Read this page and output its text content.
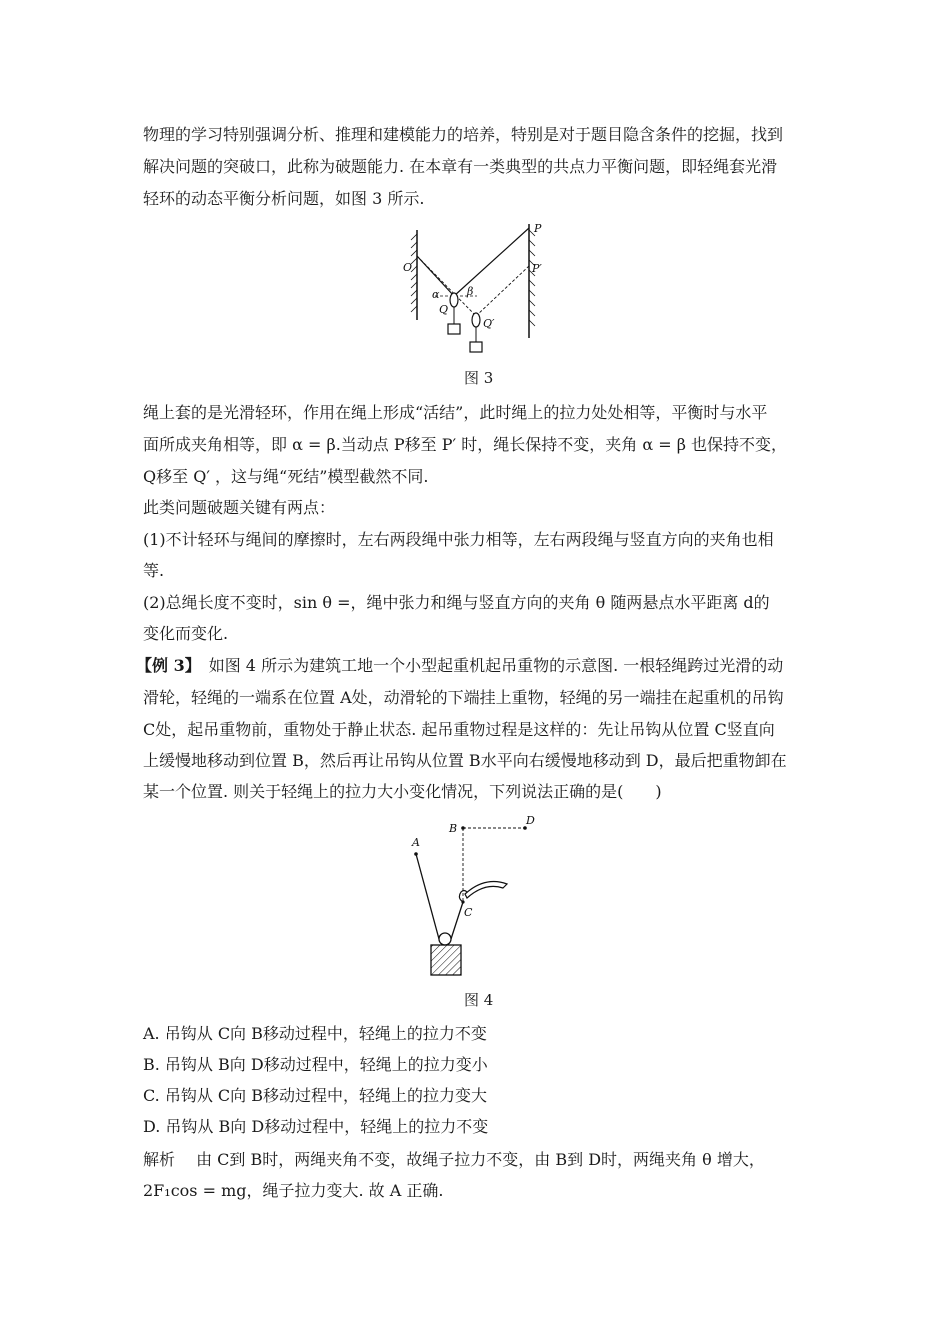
物理的学习特别强调分析、推理和建模能力的培养，特别是对于题目隐含条件的挖掘，找到
解决问题的突破口，此称为破题能力. 在本章有一类典型的共点力平衡问题，即轻绳套光滑
轻环的动态平衡分析问题，如图 3 所示.
O
P
P′
α	β
Q
Q′
图 3
绳上套的是光滑轻环，作用在绳上形成“活结”，此时绳上的拉力处处相等，平衡时与水平
面所成夹角相等，即 α = β.当动点 P移至 P′ 时，绳长保持不变，夹角 α = β 也保持不变，
Q移至 Q′ ，这与绳“死结”模型截然不同.
此类问题破题关键有两点：
(1)不计轻环与绳间的摩擦时，左右两段绳中张力相等，左右两段绳与竖直方向的夹角也相
等.
(2)总绳长度不变时，sin θ =，绳中张力和绳与竖直方向的夹角 θ 随两悬点水平距离 d的
变化而变化.
【例 3】 如图 4 所示为建筑工地一个小型起重机起吊重物的示意图. 一根轻绳跨过光滑的动
滑轮，轻绳的一端系在位置 A处，动滑轮的下端挂上重物，轻绳的另一端挂在起重机的吊钩
C处，起吊重物前，重物处于静止状态. 起吊重物过程是这样的：先让吊钩从位置 C竖直向
上缓慢地移动到位置 B，然后再让吊钩从位置 B水平向右缓慢地移动到 D，最后把重物卸在
某一个位置. 则关于轻绳上的拉力大小变化情况，下列说法正确的是(　　)
A
B
D
C
图 4
A. 吊钩从 C向 B移动过程中，轻绳上的拉力不变
B. 吊钩从 B向 D移动过程中，轻绳上的拉力变小
C. 吊钩从 C向 B移动过程中，轻绳上的拉力变大
D. 吊钩从 B向 D移动过程中，轻绳上的拉力不变
解析　 由 C到 B时，两绳夹角不变，故绳子拉力不变，由 B到 D时，两绳夹角 θ 增大，
2F₁cos = mg，绳子拉力变大. 故 A 正确.
